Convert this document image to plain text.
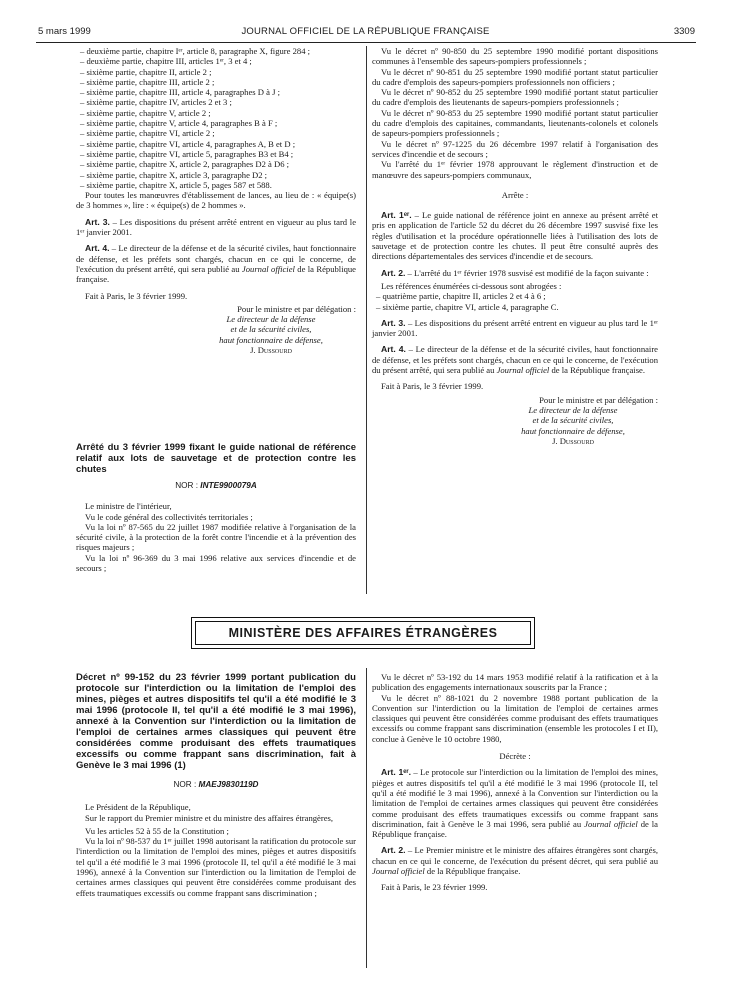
5 mars 1999	JOURNAL OFFICIEL DE LA RÉPUBLIQUE FRANÇAISE	3309

– deuxième partie, chapitre Iᵉʳ, article 8, paragraphe X, figure 284 ;

– deuxième partie, chapitre III, articles 1ᵉʳ, 3 et 4 ;

– sixième partie, chapitre II, article 2 ;

– sixième partie, chapitre III, article 2 ;

– sixième partie, chapitre III, article 4, paragraphes D à J ;

– sixième partie, chapitre IV, articles 2 et 3 ;

– sixième partie, chapitre V, article 2 ;

– sixième partie, chapitre V, article 4, paragraphes B à F ;

– sixième partie, chapitre VI, article 2 ;

– sixième partie, chapitre VI, article 4, paragraphes A, B et D ;

– sixième partie, chapitre VI, article 5, paragraphes B3 et B4 ;

– sixième partie, chapitre X, article 2, paragraphes D2 à D6 ;

– sixième partie, chapitre X, article 3, paragraphe D2 ;

– sixième partie, chapitre X, article 5, pages 587 et 588.

Pour toutes les manœuvres d'établissement de lances, au lieu de : « équipe(s) de 3 hommes », lire : « équipe(s) de 2 hommes ».

Art. 3. – Les dispositions du présent arrêté entrent en vigueur au plus tard le 1ᵉʳ janvier 2001.

Art. 4. – Le directeur de la défense et de la sécurité civiles, haut fonctionnaire de défense, et les préfets sont chargés, chacun en ce qui le concerne, de l'exécution du présent arrêté, qui sera publié au Journal officiel de la République française.

Fait à Paris, le 3 février 1999.

Pour le ministre et par délégation :
Le directeur de la défense
et de la sécurité civiles,
haut fonctionnaire de défense,
J. Dussourd
Arrêté du 3 février 1999 fixant le guide national de référence relatif aux lots de sauvetage et de protection contre les chutes
NOR : INTE9900079A

Le ministre de l'intérieur,

Vu le code général des collectivités territoriales ;

Vu la loi nº 87-565 du 22 juillet 1987 modifiée relative à l'organisation de la sécurité civile, à la protection de la forêt contre l'incendie et à la prévention des risques majeurs ;

Vu la loi nº 96-369 du 3 mai 1996 relative aux services d'incendie et de secours ;

Vu le décret nº 90-850 du 25 septembre 1990 modifié portant dispositions communes à l'ensemble des sapeurs-pompiers professionnels ;

Vu le décret nº 90-851 du 25 septembre 1990 modifié portant statut particulier du cadre d'emplois des sapeurs-pompiers professionnels non officiers ;

Vu le décret nº 90-852 du 25 septembre 1990 modifié portant statut particulier du cadre d'emplois des lieutenants de sapeurs-pompiers professionnels ;

Vu le décret nº 90-853 du 25 septembre 1990 modifié portant statut particulier du cadre d'emplois des capitaines, commandants, lieutenants-colonels et colonels de sapeurs-pompiers professionnels ;

Vu le décret nº 97-1225 du 26 décembre 1997 relatif à l'organisation des services d'incendie et de secours ;

Vu l'arrêté du 1ᵉʳ février 1978 approuvant le règlement d'instruction et de manœuvre des sapeurs-pompiers communaux,

Arrête :

Art. 1ᵉʳ. – Le guide national de référence joint en annexe au présent arrêté et pris en application de l'article 52 du décret du 26 décembre 1997 susvisé fixe les règles d'utilisation et la procédure opérationnelle liées à l'utilisation des lots de sauvetage et de protection contre les chutes. Il peut être consulté auprès des directions départementales des services d'incendie et de secours.

Art. 2. – L'arrêté du 1ᵉʳ février 1978 susvisé est modifié de la façon suivante :

Les références énumérées ci-dessous sont abrogées :

– quatrième partie, chapitre II, articles 2 et 4 à 6 ;

– sixième partie, chapitre VI, article 4, paragraphe C.

Art. 3. – Les dispositions du présent arrêté entrent en vigueur au plus tard le 1ᵉʳ janvier 2001.

Art. 4. – Le directeur de la défense et de la sécurité civiles, haut fonctionnaire de défense, et les préfets sont chargés, chacun en ce qui le concerne, de l'exécution du présent arrêté, qui sera publié au Journal officiel de la République française.

Fait à Paris, le 3 février 1999.

Pour le ministre et par délégation :
Le directeur de la défense
et de la sécurité civiles,
haut fonctionnaire de défense,
J. Dussourd
MINISTÈRE DES AFFAIRES ÉTRANGÈRES
Décret nº 99-152 du 23 février 1999 portant publication du protocole sur l'interdiction ou la limitation de l'emploi des mines, pièges et autres dispositifs tel qu'il a été modifié le 3 mai 1996 (protocole II, tel qu'il a été modifié le 3 mai 1996), annexé à la Convention sur l'interdiction ou la limitation de l'emploi de certaines armes classiques qui peuvent être considérées comme produisant des effets traumatiques excessifs ou comme frappant sans discrimination, fait à Genève le 3 mai 1996 (1)
NOR : MAEJ9830119D

Le Président de la République,

Sur le rapport du Premier ministre et du ministre des affaires étrangères,

Vu les articles 52 à 55 de la Constitution ;

Vu la loi nº 98-537 du 1ᵉʳ juillet 1998 autorisant la ratification du protocole sur l'interdiction ou la limitation de l'emploi des mines, pièges et autres dispositifs tel qu'il a été modifié le 3 mai 1996 (protocole II, tel qu'il a été modifié le 3 mai 1996), annexé à la Convention sur l'interdiction ou la limitation de l'emploi de certaines armes classiques qui peuvent être considérées comme produisant des effets traumatiques excessifs ou comme frappant sans discrimination ;

Vu le décret nº 53-192 du 14 mars 1953 modifié relatif à la ratification et à la publication des engagements internationaux souscrits par la France ;

Vu le décret nº 88-1021 du 2 novembre 1988 portant publication de la Convention sur l'interdiction ou la limitation de l'emploi de certaines armes classiques qui peuvent être considérées comme produisant des effets traumatiques excessifs ou comme frappant sans discrimination (ensemble les protocoles I et II), conclue à Genève le 10 octobre 1980,

Décrète :

Art. 1ᵉʳ. – Le protocole sur l'interdiction ou la limitation de l'emploi des mines, pièges et autres dispositifs tel qu'il a été modifié le 3 mai 1996 (protocole II, tel qu'il a été modifié le 3 mai 1996), annexé à la Convention sur l'interdiction ou la limitation de l'emploi de certaines armes classiques qui peuvent être considérées comme produisant des effets traumatiques excessifs ou comme frappant sans discrimination, fait à Genève le 3 mai 1996, sera publié au Journal officiel de la République française.

Art. 2. – Le Premier ministre et le ministre des affaires étrangères sont chargés, chacun en ce qui le concerne, de l'exécution du présent décret, qui sera publié au Journal officiel de la République française.

Fait à Paris, le 23 février 1999.
